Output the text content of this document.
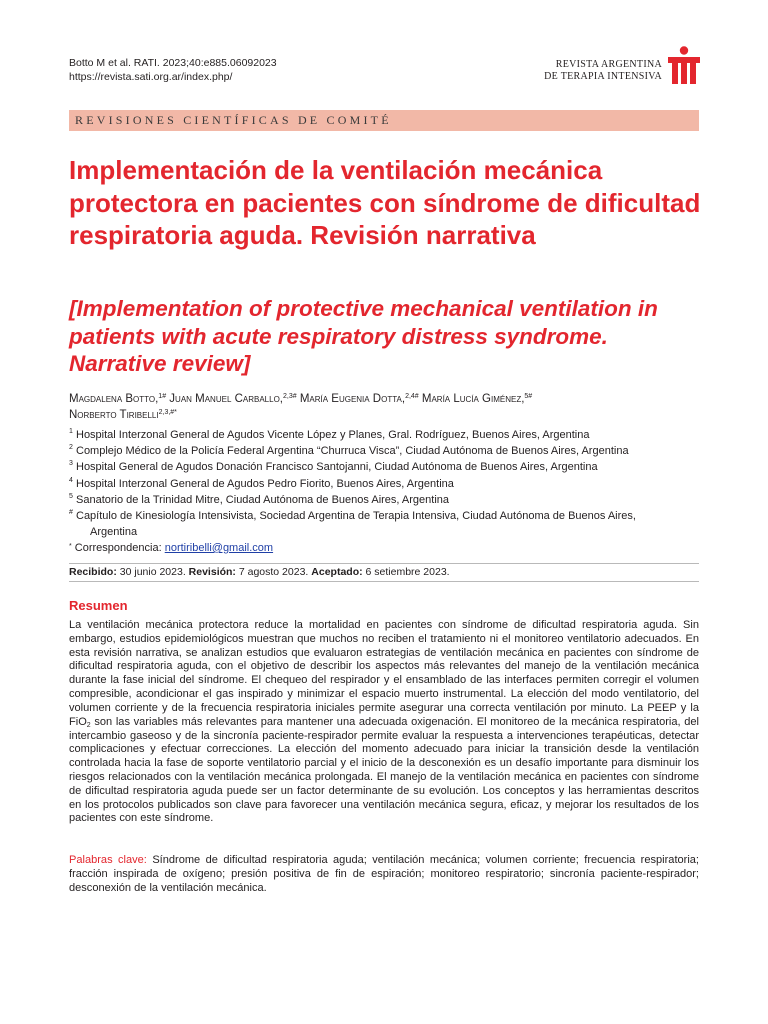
Botto M et al. RATI. 2023;40:e885.06092023
https://revista.sati.org.ar/index.php/
REVISTA ARGENTINA
DE TERAPIA INTENSIVA
REVISIONES CIENTÍFICAS DE COMITÉ
Implementación de la ventilación mecánica protectora en pacientes con síndrome de dificultad respiratoria aguda. Revisión narrativa
[Implementation of protective mechanical ventilation in patients with acute respiratory distress syndrome. Narrative review]
Magdalena Botto,$^{1\#}$ Juan Manuel Carballo,$^{2,3\#}$ María Eugenia Dotta,$^{2,4\#}$ María Lucía Giménez,$^{5\#}$
Norberto Tiribelli$^{2,3,\#*}$
1 Hospital Interzonal General de Agudos Vicente López y Planes, Gral. Rodríguez, Buenos Aires, Argentina
2 Complejo Médico de la Policía Federal Argentina “Churruca Visca”, Ciudad Autónoma de Buenos Aires, Argentina
3 Hospital General de Agudos Donación Francisco Santojanni, Ciudad Autónoma de Buenos Aires, Argentina
4 Hospital Interzonal General de Agudos Pedro Fiorito, Buenos Aires, Argentina
5 Sanatorio de la Trinidad Mitre, Ciudad Autónoma de Buenos Aires, Argentina
# Capítulo de Kinesiología Intensivista, Sociedad Argentina de Terapia Intensiva, Ciudad Autónoma de Buenos Aires,
Argentina
* Correspondencia: nortiribelli@gmail.com
Recibido: 30 junio 2023. Revisión: 7 agosto 2023. Aceptado: 6 setiembre 2023.
Resumen

La ventilación mecánica protectora reduce la mortalidad en pacientes con síndrome de dificultad respiratoria aguda. Sin embargo, estudios epidemiológicos muestran que muchos no reciben el tratamiento ni el monitoreo ventilatorio adecuados. En esta revisión narrativa, se analizan estudios que evaluaron estrategias de ventilación mecánica en pacientes con síndrome de dificultad respiratoria aguda, con el objetivo de describir los aspectos más relevantes del manejo de la ventilación mecánica durante la fase inicial del síndrome. El chequeo del respirador y el ensamblado de las interfaces permiten corregir el volumen compresible, acondicionar el gas inspirado y minimizar el espacio muerto instrumental. La elección del modo ventilatorio, del volumen corriente y de la frecuencia respiratoria iniciales permite asegurar una correcta ventilación por minuto. La PEEP y la FiO$_2$ son las variables más relevantes para mantener una adecuada oxigenación. El monitoreo de la mecánica respiratoria, del intercambio gaseoso y de la sincronía paciente-respirador permite evaluar la respuesta a intervenciones terapéuticas, detectar complicaciones y efectuar correcciones. La elección del momento adecuado para iniciar la transición desde la ventilación controlada hacia la fase de soporte ventilatorio parcial y el inicio de la desconexión es un desafío importante para disminuir los riesgos relacionados con la ventilación mecánica prolongada. El manejo de la ventilación mecánica en pacientes con síndrome de dificultad respiratoria aguda puede ser un factor determinante de su evolución. Los conceptos y las herramientas descritos en los protocolos publicados son clave para favorecer una ventilación mecánica segura, eficaz, y mejorar los resultados de los pacientes con este síndrome.

Palabras clave: Síndrome de dificultad respiratoria aguda; ventilación mecánica; volumen corriente; frecuencia respiratoria; fracción inspirada de oxígeno; presión positiva de fin de espiración; monitoreo respiratorio; sincronía paciente-respirador; desconexión de la ventilación mecánica.
